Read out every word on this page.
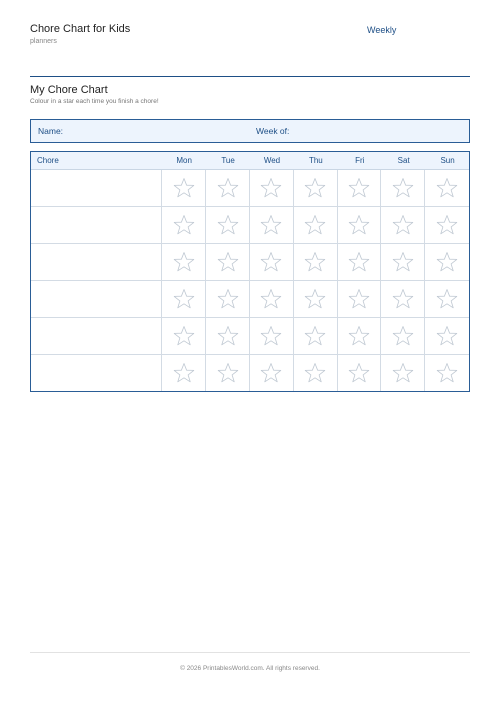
Chore Chart for Kids
planners
Weekly
My Chore Chart
Colour in a star each time you finish a chore!
Name:	Week of:
Chore	Mon	Tue	Wed	Thu	Fri	Sat	Sun
© 2026 PrintablesWorld.com. All rights reserved.
